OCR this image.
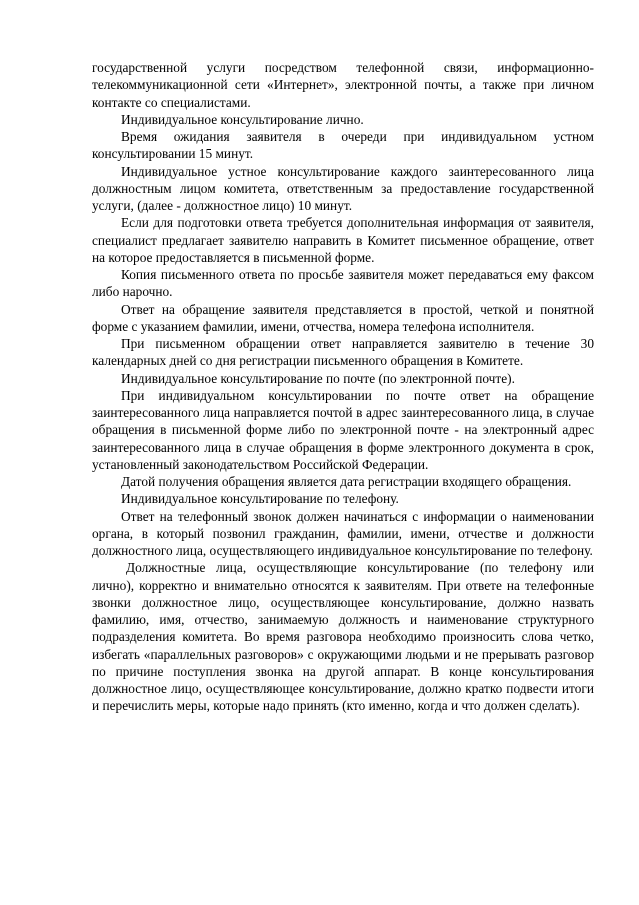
государственной услуги посредством телефонной связи, информационно-телекоммуникационной сети «Интернет», электронной почты, а также при личном контакте со специалистами.

Индивидуальное консультирование лично.

Время ожидания заявителя в очереди при индивидуальном устном консультировании 15 минут.

Индивидуальное устное консультирование каждого заинтересованного лица должностным лицом комитета, ответственным за предоставление государственной услуги, (далее - должностное лицо) 10 минут.

Если для подготовки ответа требуется дополнительная информация от заявителя, специалист предлагает заявителю направить в Комитет письменное обращение, ответ на которое предоставляется в письменной форме.

Копия письменного ответа по просьбе заявителя может передаваться ему факсом либо нарочно.

Ответ на обращение заявителя представляется в простой, четкой и понятной форме с указанием фамилии, имени, отчества, номера телефона исполнителя.

При письменном обращении ответ направляется заявителю в течение 30 календарных дней со дня регистрации письменного обращения в Комитете.

Индивидуальное консультирование по почте (по электронной почте).

При индивидуальном консультировании по почте ответ на обращение заинтересованного лица направляется почтой в адрес заинтересованного лица, в случае обращения в письменной форме либо по электронной почте - на электронный адрес заинтересованного лица в случае обращения в форме электронного документа в срок, установленный законодательством Российской Федерации.

Датой получения обращения является дата регистрации входящего обращения.

Индивидуальное консультирование по телефону.

Ответ на телефонный звонок должен начинаться с информации о наименовании органа, в который позвонил гражданин, фамилии, имени, отчестве и должности должностного лица, осуществляющего индивидуальное консультирование по телефону.

Должностные лица, осуществляющие консультирование (по телефону или лично), корректно и внимательно относятся к заявителям. При ответе на телефонные звонки должностное лицо, осуществляющее консультирование, должно назвать фамилию, имя, отчество, занимаемую должность и наименование структурного подразделения комитета. Во время разговора необходимо произносить слова четко, избегать «параллельных разговоров» с окружающими людьми и не прерывать разговор по причине поступления звонка на другой аппарат. В конце консультирования должностное лицо, осуществляющее консультирование, должно кратко подвести итоги и перечислить меры, которые надо принять (кто именно, когда и что должен сделать).
